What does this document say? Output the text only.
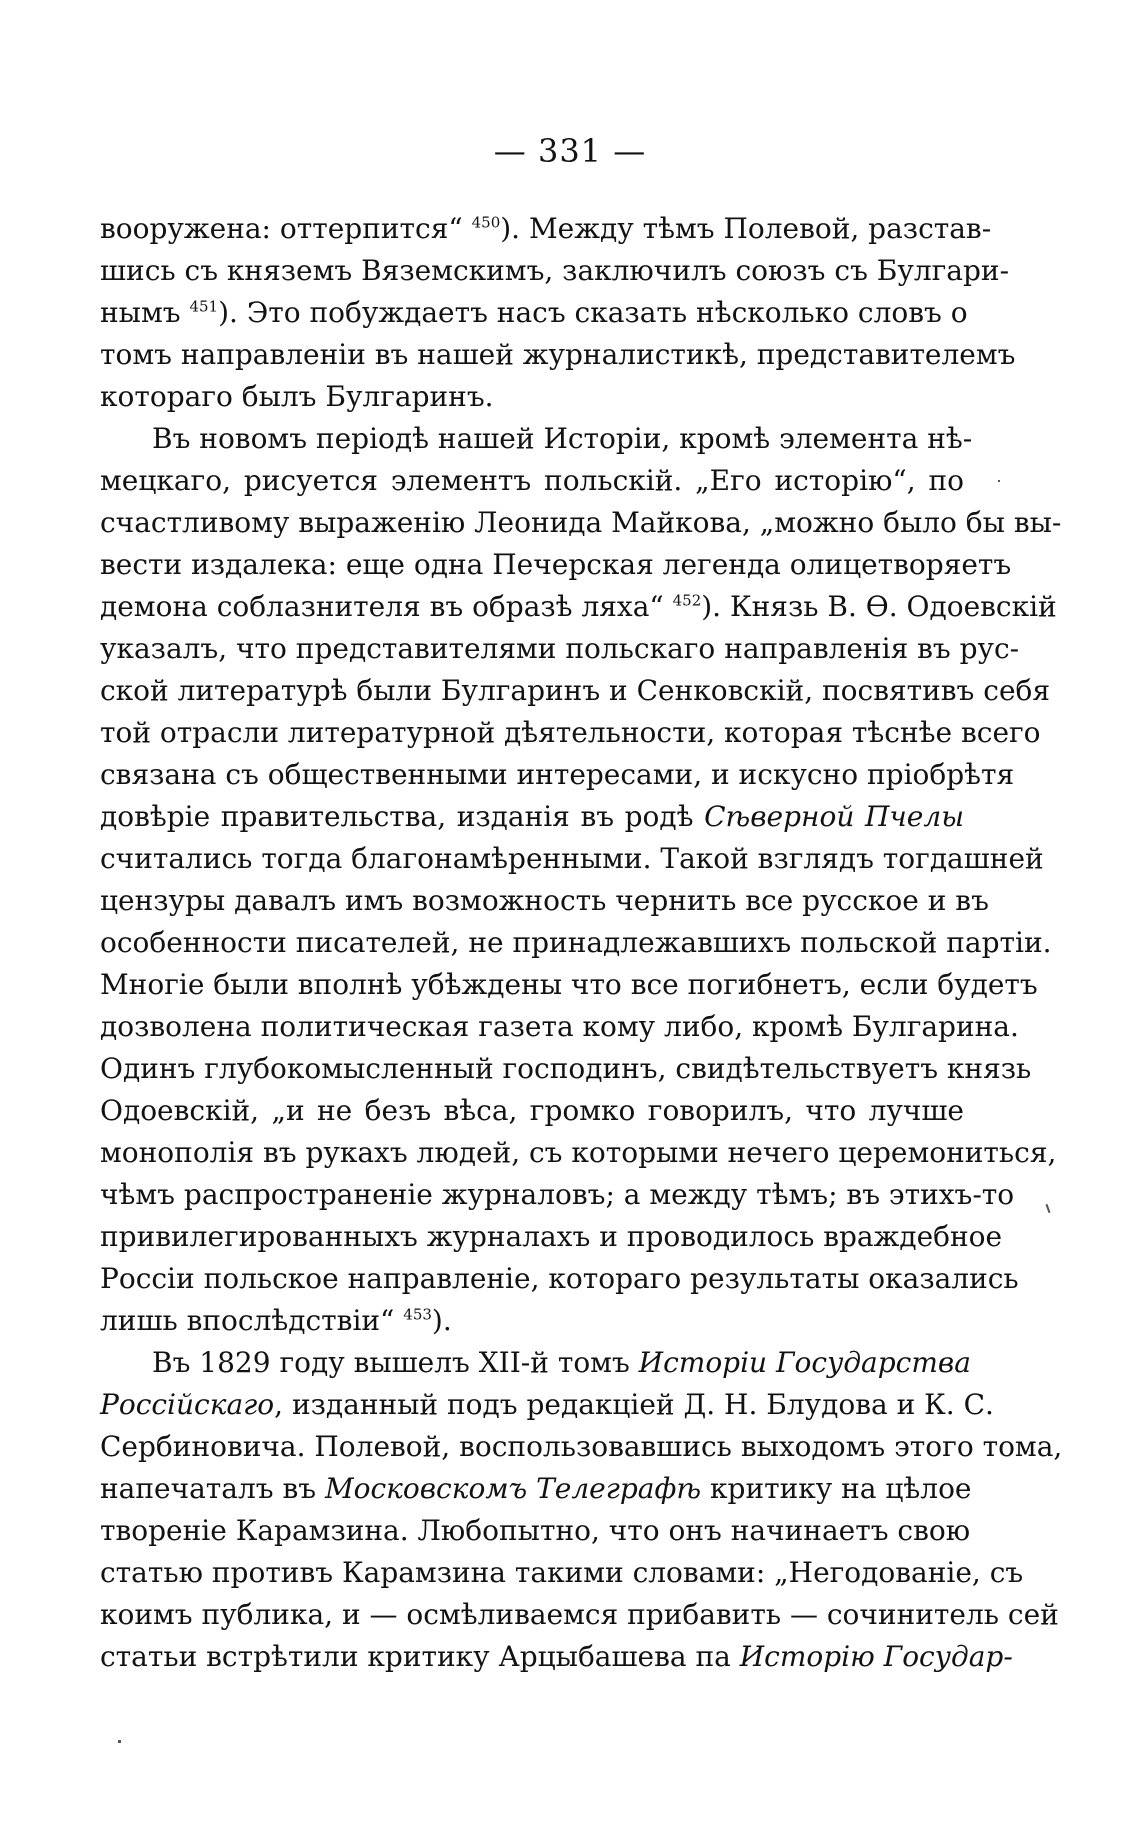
— 331 —
вооружена: оттерпится“ $^{450}$). Между тѣмъ Полевой, разстав-
шись съ княземъ Вяземскимъ, заключилъ союзъ съ Булгари-
нымъ $^{451}$). Это побуждаетъ насъ сказать нѣсколько словъ о
томъ направленіи въ нашей журналистикѣ, представителемъ
котораго былъ Булгаринъ.
Въ новомъ періодѣ нашей Исторіи, кромѣ элемента нѣ-
мецкаго, рисуется элементъ польскій. „Его исторію“, по
счастливому выраженію Леонида Майкова, „можно было бы вы-
вести издалека: еще одна Печерская легенда олицетворяетъ
демона соблазнителя въ образѣ ляха“ $^{452}$). Князь В. Ѳ. Одоевскій
указалъ, что представителями польскаго направленія въ рус-
ской литературѣ были Булгаринъ и Сенковскій, посвятивъ себя
той отрасли литературной дѣятельности, которая тѣснѣе всего
связана съ общественными интересами, и искусно пріобрѣтя
довѣріе правительства, изданія въ родѣ Сѣверной Пчелы
считались тогда благонамѣренными. Такой взглядъ тогдашней
цензуры давалъ имъ возможность чернить все русское и въ
особенности писателей, не принадлежавшихъ польской партіи.
Многіе были вполнѣ убѣждены что все погибнетъ, если будетъ
дозволена политическая газета кому либо, кромѣ Булгарина.
Одинъ глубокомысленный господинъ, свидѣтельствуетъ князь
Одоевскій, „и не безъ вѣса, громко говорилъ, что лучше
монополія въ рукахъ людей, съ которыми нечего церемониться,
чѣмъ распространеніе журналовъ; а между тѣмъ; въ этихъ-то
привилегированныхъ журналахъ и проводилось враждебное
Россіи польское направленіе, котораго результаты оказались
лишь впослѣдствіи“ $^{453}$).
Въ 1829 году вышелъ XII-й томъ Исторіи Государства
Россійскаго, изданный подъ редакціей Д. Н. Блудова и К. С.
Сербиновича. Полевой, воспользовавшись выходомъ этого тома,
напечаталъ въ Московскомъ Телеграфѣ критику на цѣлое
твореніе Карамзина. Любопытно, что онъ начинаетъ свою
статью противъ Карамзина такими словами: „Негодованіе, съ
коимъ публика, и — осмѣливаемся прибавить — сочинитель сей
статьи встрѣтили критику Арцыбашева па Исторію Государ-
